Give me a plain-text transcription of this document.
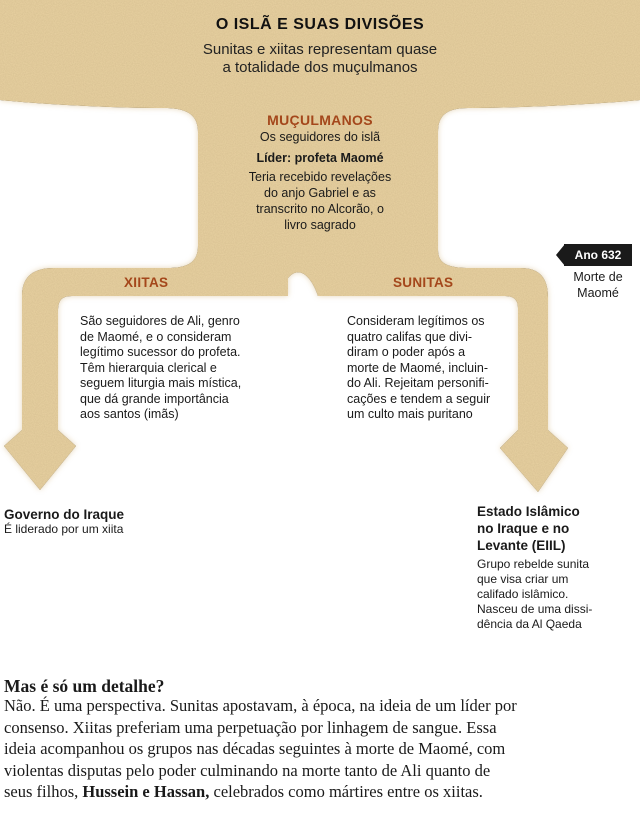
O ISLÃ E SUAS DIVISÕES
Sunitas e xiitas representam quase
a totalidade dos muçulmanos
MUÇULMANOS
Os seguidores do islã
Líder: profeta Maomé
Teria recebido revelações
do anjo Gabriel e as
transcrito no Alcorão, o
livro sagrado
Ano 632
Morte de
Maomé
XIITAS
São seguidores de Ali, genro
de Maomé, e o consideram
legítimo sucessor do profeta.
Têm hierarquia clerical e
seguem liturgia mais mística,
que dá grande importância
aos santos (imãs)
SUNITAS
Consideram legítimos os
quatro califas que divi-
diram o poder após a
morte de Maomé, incluin-
do Ali. Rejeitam personifi-
cações e tendem a seguir
um culto mais puritano
Governo do Iraque
É liderado por um xiita
Estado Islâmico
no Iraque e no
Levante (EIIL)
Grupo rebelde sunita
que visa criar um
califado islâmico.
Nasceu de uma dissi-
dência da Al Qaeda
Mas é só um detalhe?
Não. É uma perspectiva. Sunitas apostavam, à época, na ideia de um líder por
consenso. Xiitas preferiam uma perpetuação por linhagem de sangue. Essa
ideia acompanhou os grupos nas décadas seguintes à morte de Maomé, com
violentas disputas pelo poder culminando na morte tanto de Ali quanto de
seus filhos, Hussein e Hassan, celebrados como mártires entre os xiitas.
